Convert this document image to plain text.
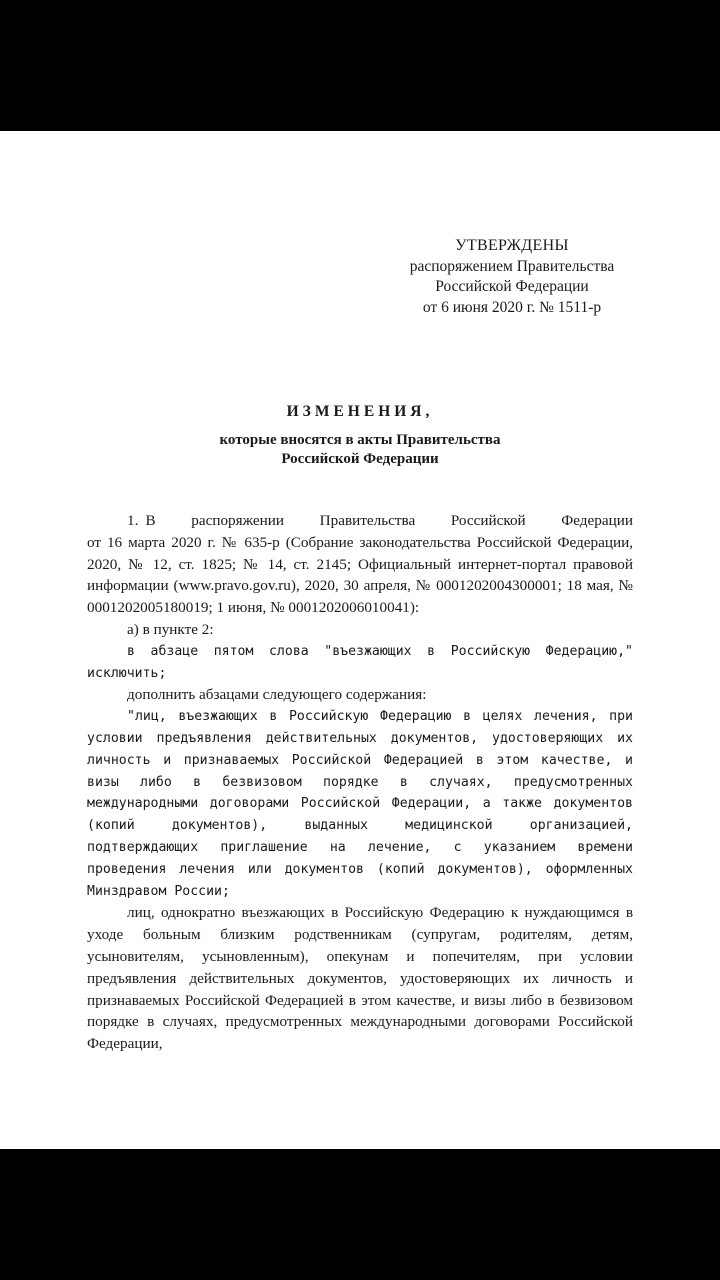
УТВЕРЖДЕНЫ
распоряжением Правительства
Российской Федерации
от 6 июня 2020 г. № 1511-р
ИЗМЕНЕНИЯ,
которые вносятся в акты Правительства
Российской Федерации

1. В     распоряжении     Правительства     Российской     Федерации

от 16 марта 2020 г. № 635-р (Собрание законодательства Российской Федерации, 2020, № 12, ст. 1825; № 14, ст. 2145; Официальный интернет-портал правовой информации (www.pravo.gov.ru), 2020, 30 апреля, № 0001202004300001; 18 мая, № 0001202005180019; 1 июня, № 0001202006010041):

а) в пункте 2:

в абзаце пятом слова "въезжающих в Российскую Федерацию," исключить;

дополнить абзацами следующего содержания:

"лиц, въезжающих в Российскую Федерацию в целях лечения, при условии предъявления действительных документов, удостоверяющих их личность и признаваемых Российской Федерацией в этом качестве, и визы либо в безвизовом порядке в случаях, предусмотренных международными договорами Российской Федерации, а также документов (копий документов), выданных медицинской организацией, подтверждающих приглашение на лечение, с указанием времени проведения лечения или документов (копий документов), оформленных Минздравом России;

лиц, однократно въезжающих в Российскую Федерацию к нуждающимся в уходе больным близким родственникам (супругам, родителям, детям, усыновителям, усыновленным), опекунам и попечителям, при условии предъявления действительных документов, удостоверяющих их личность и признаваемых Российской Федерацией в этом качестве, и визы либо в безвизовом порядке в случаях, предусмотренных международными договорами Российской Федерации,
